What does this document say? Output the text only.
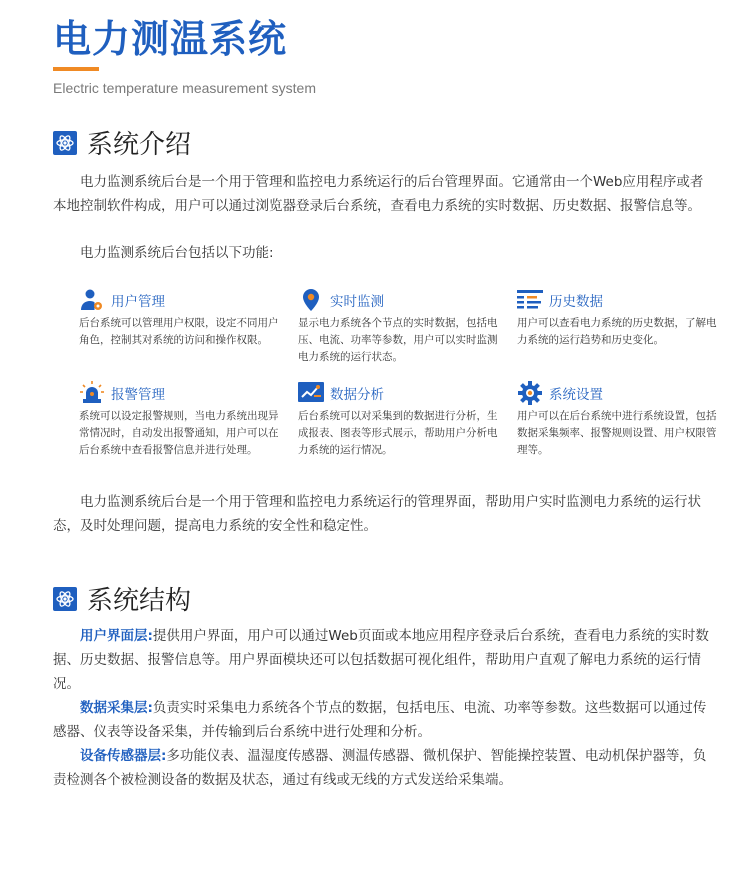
电力测温系统
Electric temperature measurement system
系统介绍
电力监测系统后台是一个用于管理和监控电力系统运行的后台管理界面。它通常由一个Web应用程序或者本地控制软件构成，用户可以通过浏览器登录后台系统，查看电力系统的实时数据、历史数据、报警信息等。
电力监测系统后台包括以下功能:
用户管理
后台系统可以管理用户权限，设定不同用户角色，控制其对系统的访问和操作权限。
实时监测
显示电力系统各个节点的实时数据，包括电压、电流、功率等参数，用户可以实时监测电力系统的运行状态。
历史数据
用户可以查看电力系统的历史数据，了解电力系统的运行趋势和历史变化。
报警管理
系统可以设定报警规则，当电力系统出现异常情况时，自动发出报警通知，用户可以在后台系统中查看报警信息并进行处理。
数据分析
后台系统可以对采集到的数据进行分析，生成报表、图表等形式展示，帮助用户分析电力系统的运行情况。
系统设置
用户可以在后台系统中进行系统设置，包括数据采集频率、报警规则设置、用户权限管理等。
电力监测系统后台是一个用于管理和监控电力系统运行的管理界面，帮助用户实时监测电力系统的运行状态，及时处理问题，提高电力系统的安全性和稳定性。
系统结构
用户界面层:提供用户界面，用户可以通过Web页面或本地应用程序登录后台系统，查看电力系统的实时数据、历史数据、报警信息等。用户界面模块还可以包括数据可视化组件，帮助用户直观了解电力系统的运行情况。
数据采集层:负责实时采集电力系统各个节点的数据，包括电压、电流、功率等参数。这些数据可以通过传感器、仪表等设备采集，并传输到后台系统中进行处理和分析。
设备传感器层:多功能仪表、温湿度传感器、测温传感器、微机保护、智能操控装置、电动机保护器等，负责检测各个被检测设备的数据及状态，通过有线或无线的方式发送给采集端。
